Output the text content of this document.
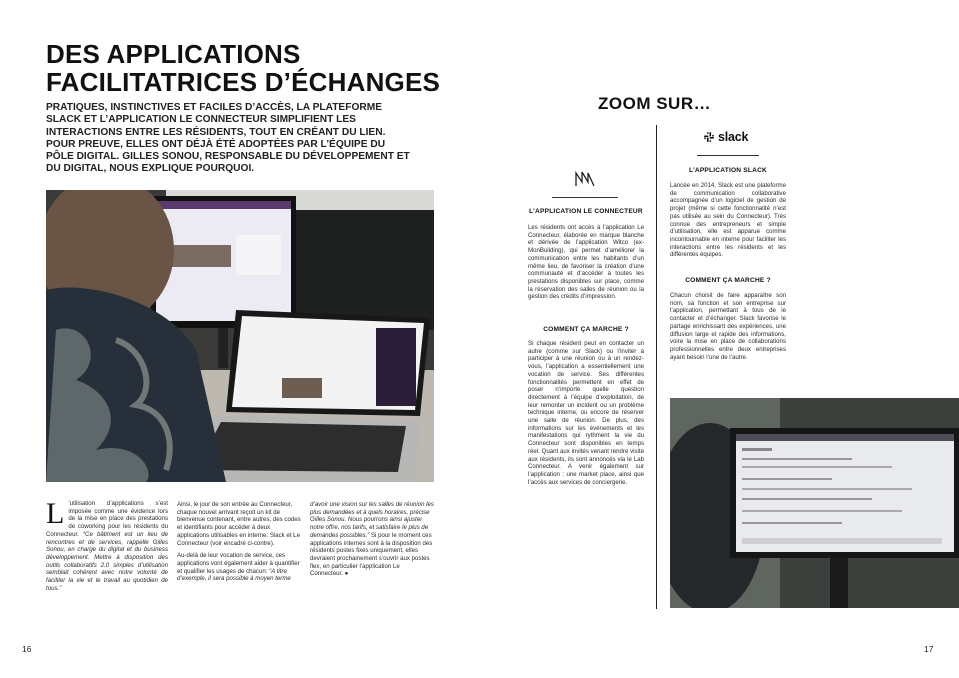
DES APPLICATIONS
FACILITATRICES D’ÉCHANGES
PRATIQUES, INSTINCTIVES ET FACILES D’ACCÈS, LA PLATEFORME SLACK ET L’APPLICATION LE CONNECTEUR SIMPLIFIENT LES INTERACTIONS ENTRE LES RÉSIDENTS, TOUT EN CRÉANT DU LIEN. POUR PREUVE, ELLES ONT DÉJÀ ÉTÉ ADOPTÉES PAR L’ÉQUIPE DU PÔLE DIGITAL. GILLES SONOU, RESPONSABLE DU DÉVELOPPEMENT ET DU DIGITAL, NOUS EXPLIQUE POURQUOI.

L ’utilisation d’applications s’est imposée comme une évidence lors de la mise en place des prestations de coworking pour les résidents du Connecteur. “Ce bâtiment est un lieu de rencontres et de services, rappelle Gilles Sonou, en charge du digital et du business développement. Mettre à disposition des outils collaboratifs 2.0 simples d’utilisation semblait cohérent avec notre volonté de faciliter la vie et le travail au quotidien de tous.”

Ainsi, le jour de son entrée au Connecteur, chaque nouvel arrivant reçoit un kit de bienvenue contenant, entre autres, des codes et identifiants pour accéder à deux applications utilisables en interne: Slack et Le Connecteur (voir encadré ci-contre).

Au-delà de leur vocation de service, ces applications vont également aider à quantifier et qualifier les usages de chacun: “A titre d’exemple, il sera possible à moyen terme

d’avoir une vision sur les salles de réunion les plus demandées et à quels horaires, précise Gilles Sonou. Nous pourrons ainsi ajuster notre offre, nos tarifs, et satisfaire le plus de demandes possibles.” Si pour le moment ces applications internes sont à la disposition des résidents postes fixes uniquement, elles devraient prochainement s’ouvrir aux postes flex, en particulier l’application Le Connecteur. ●

16
ZOOM SUR…
L’APPLICATION LE CONNECTEUR
Les résidents ont accès à l’application Le Connecteur, élaborée en marque blanche et dérivée de l’application Witco (ex-MonBuilding), qui permet d’améliorer la communication entre les habitants d’un même lieu, de favoriser la création d’une communauté et d’accéder à toutes les prestations disponibles sur place, comme la réservation des salles de réunion ou la gestion des crédits d’impression.
COMMENT ÇA MARCHE ?
Si chaque résident peut en contacter un autre (comme sur Slack) ou l’inviter à participer à une réunion ou à un rendez-vous, l’application a essentiellement une vocation de service. Ses différentes fonctionnalités permettent en effet de poser n’importe quelle question directement à l’équipe d’exploitation, de leur remonter un incident ou un problème technique interne, ou encore de réserver une salle de réunion. De plus, des informations sur les événements et les manifestations qui rythment la vie du Connecteur sont disponibles en temps réel. Quant aux invités venant rendre visite aux résidents, ils sont annoncés via le Lab Connecteur. A venir également sur l’application : une market place, ainsi que l’accès aux services de conciergerie.
slack
L’APPLICATION SLACK
Lancée en 2014, Slack est une plateforme de communication collaborative accompagnée d’un logiciel de gestion de projet (même si cette fonctionnalité n’est pas utilisée au sein du Connecteur). Très connue des entrepreneurs et simple d’utilisation, elle est apparue comme incontournable en interne pour faciliter les interactions entre les résidents et les différentes équipes.
COMMENT ÇA MARCHE ?
Chacun choisit de faire apparaître son nom, sa fonction et son entreprise sur l’application, permettant à tous de le contacter et d’échanger. Slack favorise le partage enrichissant des expériences, une diffusion large et rapide des informations, voire la mise en place de collaborations professionnelles entre deux entreprises ayant besoin l’une de l’autre.
17
